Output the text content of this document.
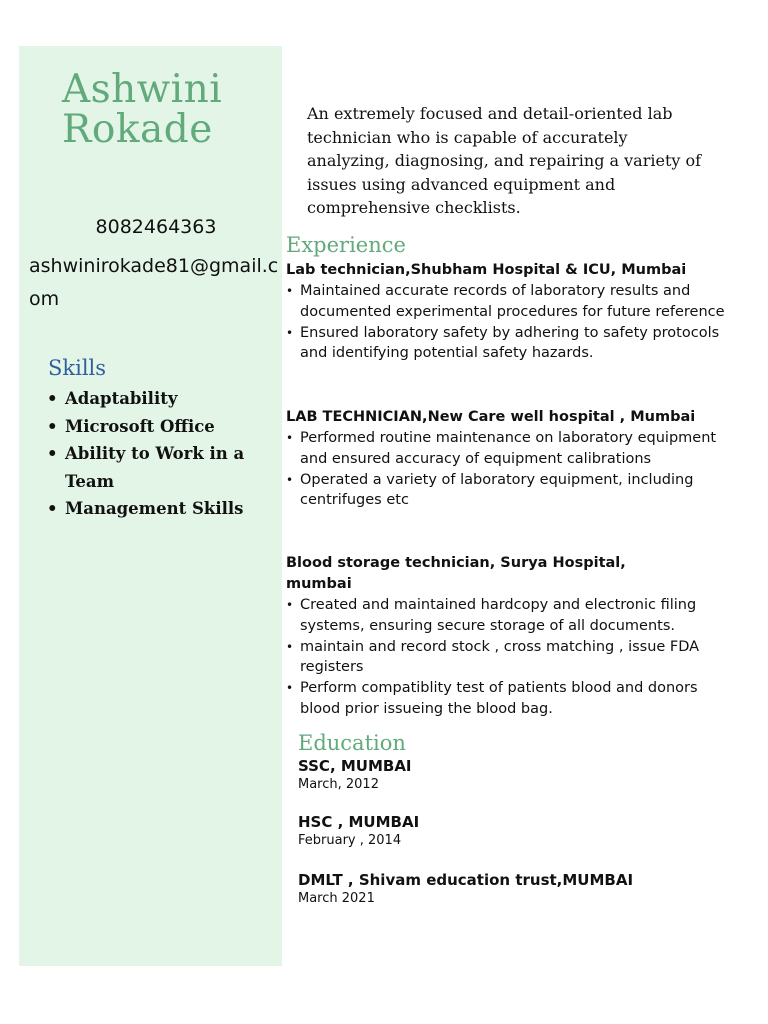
Ashwini Rokade
8082464363
ashwinirokade81@gmail.com
Skills
• Adaptability
• Microsoft Office
• Ability to Work in a Team
• Management Skills
An extremely focused and detail-oriented lab technician who is capable of accurately analyzing, diagnosing, and repairing a variety of issues using advanced equipment and comprehensive checklists.
Experience
Lab technician,Shubham Hospital & ICU, Mumbai
• Maintained accurate records of laboratory results and documented experimental procedures for future reference
• Ensured laboratory safety by adhering to safety protocols and identifying potential safety hazards.
LAB TECHNICIAN,New Care well hospital , Mumbai
• Performed routine maintenance on laboratory equipment and ensured accuracy of equipment calibrations
• Operated a variety of laboratory equipment, including centrifuges etc
Blood storage technician, Surya Hospital, mumbai
• Created and maintained hardcopy and electronic filing systems, ensuring secure storage of all documents.
• maintain and record stock , cross matching , issue FDA registers
• Perform compatiblity test of patients blood and donors blood prior issueing the blood bag.
Education
SSC, MUMBAI
March, 2012
HSC , MUMBAI
February , 2014
DMLT , Shivam education trust,MUMBAI
March 2021
